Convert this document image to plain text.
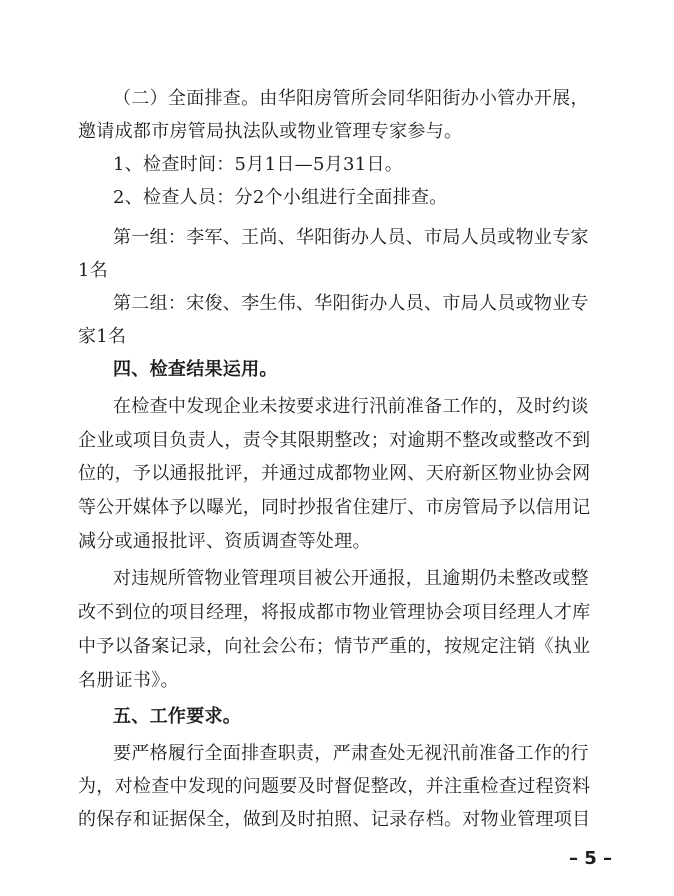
（二）全面排查。由华阳房管所会同华阳街办小管办开展，
邀请成都市房管局执法队或物业管理专家参与。
1、检查时间：5月1日—5月31日。
2、检查人员：分2个小组进行全面排查。
第一组：李军、王尚、华阳街办人员、市局人员或物业专家
1名
第二组：宋俊、李生伟、华阳街办人员、市局人员或物业专
家1名
四、检查结果运用。
在检查中发现企业未按要求进行汛前准备工作的，及时约谈
企业或项目负责人，责令其限期整改；对逾期不整改或整改不到
位的，予以通报批评，并通过成都物业网、天府新区物业协会网
等公开媒体予以曝光，同时抄报省住建厅、市房管局予以信用记
减分或通报批评、资质调查等处理。
对违规所管物业管理项目被公开通报，且逾期仍未整改或整
改不到位的项目经理，将报成都市物业管理协会项目经理人才库
中予以备案记录，向社会公布；情节严重的，按规定注销《执业
名册证书》。
五、工作要求。
要严格履行全面排查职责，严肃查处无视汛前准备工作的行
为，对检查中发现的问题要及时督促整改，并注重检查过程资料
的保存和证据保全，做到及时拍照、记录存档。对物业管理项目
– 5 –
